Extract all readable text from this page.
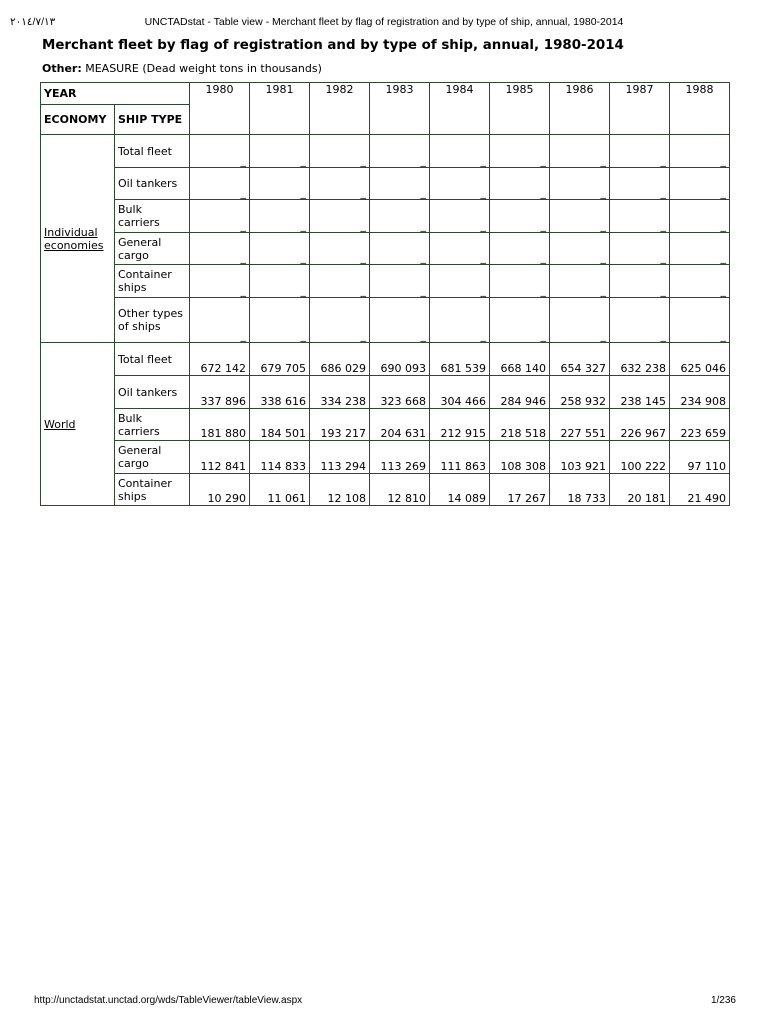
٢٠١٤/٧/١٣	UNCTADstat - Table view - Merchant fleet by flag of registration and by type of ship, annual, 1980-2014
Merchant fleet by flag of registration and by type of ship, annual, 1980-2014
Other: MEASURE (Dead weight tons in thousands)
YEAR		1980	1981	1982	1983	1984	1985	1986	1987	1988
ECONOMY	SHIP TYPE									
Individual economies	Total fleet	_	_	_	_	_	_	_	_	_
	Oil tankers	_	_	_	_	_	_	_	_	_
	Bulk carriers	_	_	_	_	_	_	_	_	_
	General cargo	_	_	_	_	_	_	_	_	_
	Container ships	_	_	_	_	_	_	_	_	_
	Other types of ships	_	_	_	_	_	_	_	_	_
World	Total fleet	672 142	679 705	686 029	690 093	681 539	668 140	654 327	632 238	625 046
	Oil tankers	337 896	338 616	334 238	323 668	304 466	284 946	258 932	238 145	234 908
	Bulk carriers	181 880	184 501	193 217	204 631	212 915	218 518	227 551	226 967	223 659
	General cargo	112 841	114 833	113 294	113 269	111 863	108 308	103 921	100 222	97 110
	Container ships	10 290	11 061	12 108	12 810	14 089	17 267	18 733	20 181	21 490
http://unctadstat.unctad.org/wds/TableViewer/tableView.aspx	1/236
